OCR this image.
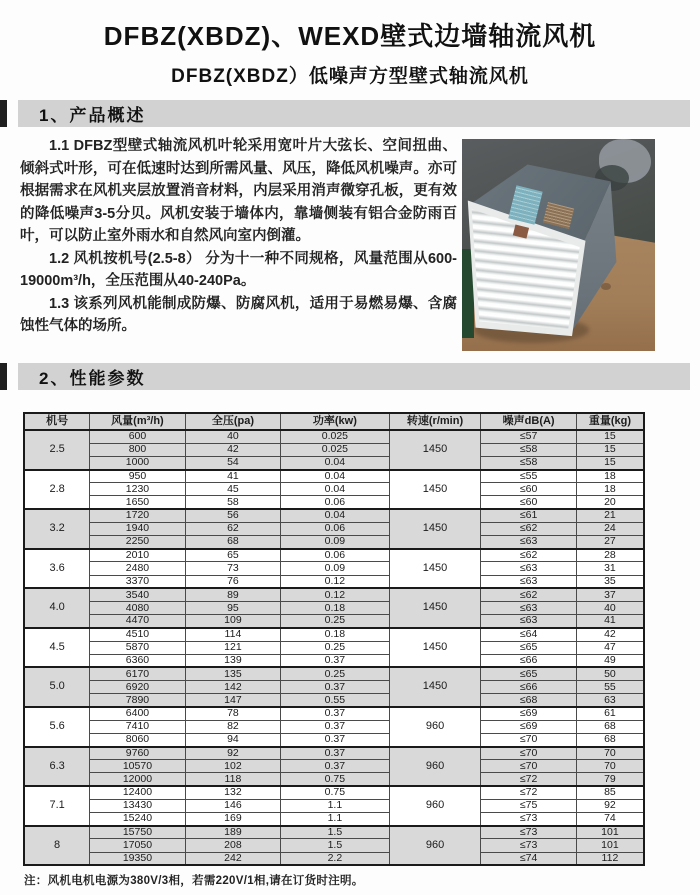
DFBZ(XBDZ)、WEXD壁式边墙轴流风机
DFBZ(XBDZ）低噪声方型壁式轴流风机
1、产品概述

1.1 DFBZ型壁式轴流风机叶轮采用宽叶片大弦长、空间扭曲、倾斜式叶形，可在低速时达到所需风量、风压，降低风机噪声。亦可根据需求在风机夹层放置消音材料，内层采用消声微穿孔板，更有效的降低噪声3-5分贝。风机安装于墙体内，靠墙侧装有铝合金防雨百叶，可以防止室外雨水和自然风向室内倒灌。

1.2 风机按机号(2.5-8） 分为十一种不同规格，风量范围从600-19000m³/h，全压范围从40-240Pa。

1.3 该系列风机能制成防爆、防腐风机，适用于易燃易爆、含腐蚀性气体的场所。

2、性能参数
机号	风量(m³/h)	全压(pa)	功率(kw)	转速(r/min)	噪声dB(A)	重量(kg)
2.5	600	40	0.025	1450	≤57	15
	800	42	0.025		≤58	15
	1000	54	0.04		≤58	15
2.8	950	41	0.04	1450	≤55	18
	1230	45	0.04		≤60	18
	1650	58	0.06		≤60	20
3.2	1720	56	0.04	1450	≤61	21
	1940	62	0.06		≤62	24
	2250	68	0.09		≤63	27
3.6	2010	65	0.06	1450	≤62	28
	2480	73	0.09		≤63	31
	3370	76	0.12		≤63	35
4.0	3540	89	0.12	1450	≤62	37
	4080	95	0.18		≤63	40
	4470	109	0.25		≤63	41
4.5	4510	114	0.18	1450	≤64	42
	5870	121	0.25		≤65	47
	6360	139	0.37		≤66	49
5.0	6170	135	0.25	1450	≤65	50
	6920	142	0.37		≤66	55
	7890	147	0.55		≤68	63
5.6	6400	78	0.37	960	≤69	61
	7410	82	0.37		≤69	68
	8060	94	0.37		≤70	68
6.3	9760	92	0.37	960	≤70	70
	10570	102	0.37		≤70	70
	12000	118	0.75		≤72	79
7.1	12400	132	0.75	960	≤72	85
	13430	146	1.1		≤75	92
	15240	169	1.1		≤73	74
8	15750	189	1.5	960	≤73	101
	17050	208	1.5		≤73	101
	19350	242	2.2		≤74	112

注：风机电机电源为380V/3相，若需220V/1相,请在订货时注明。
